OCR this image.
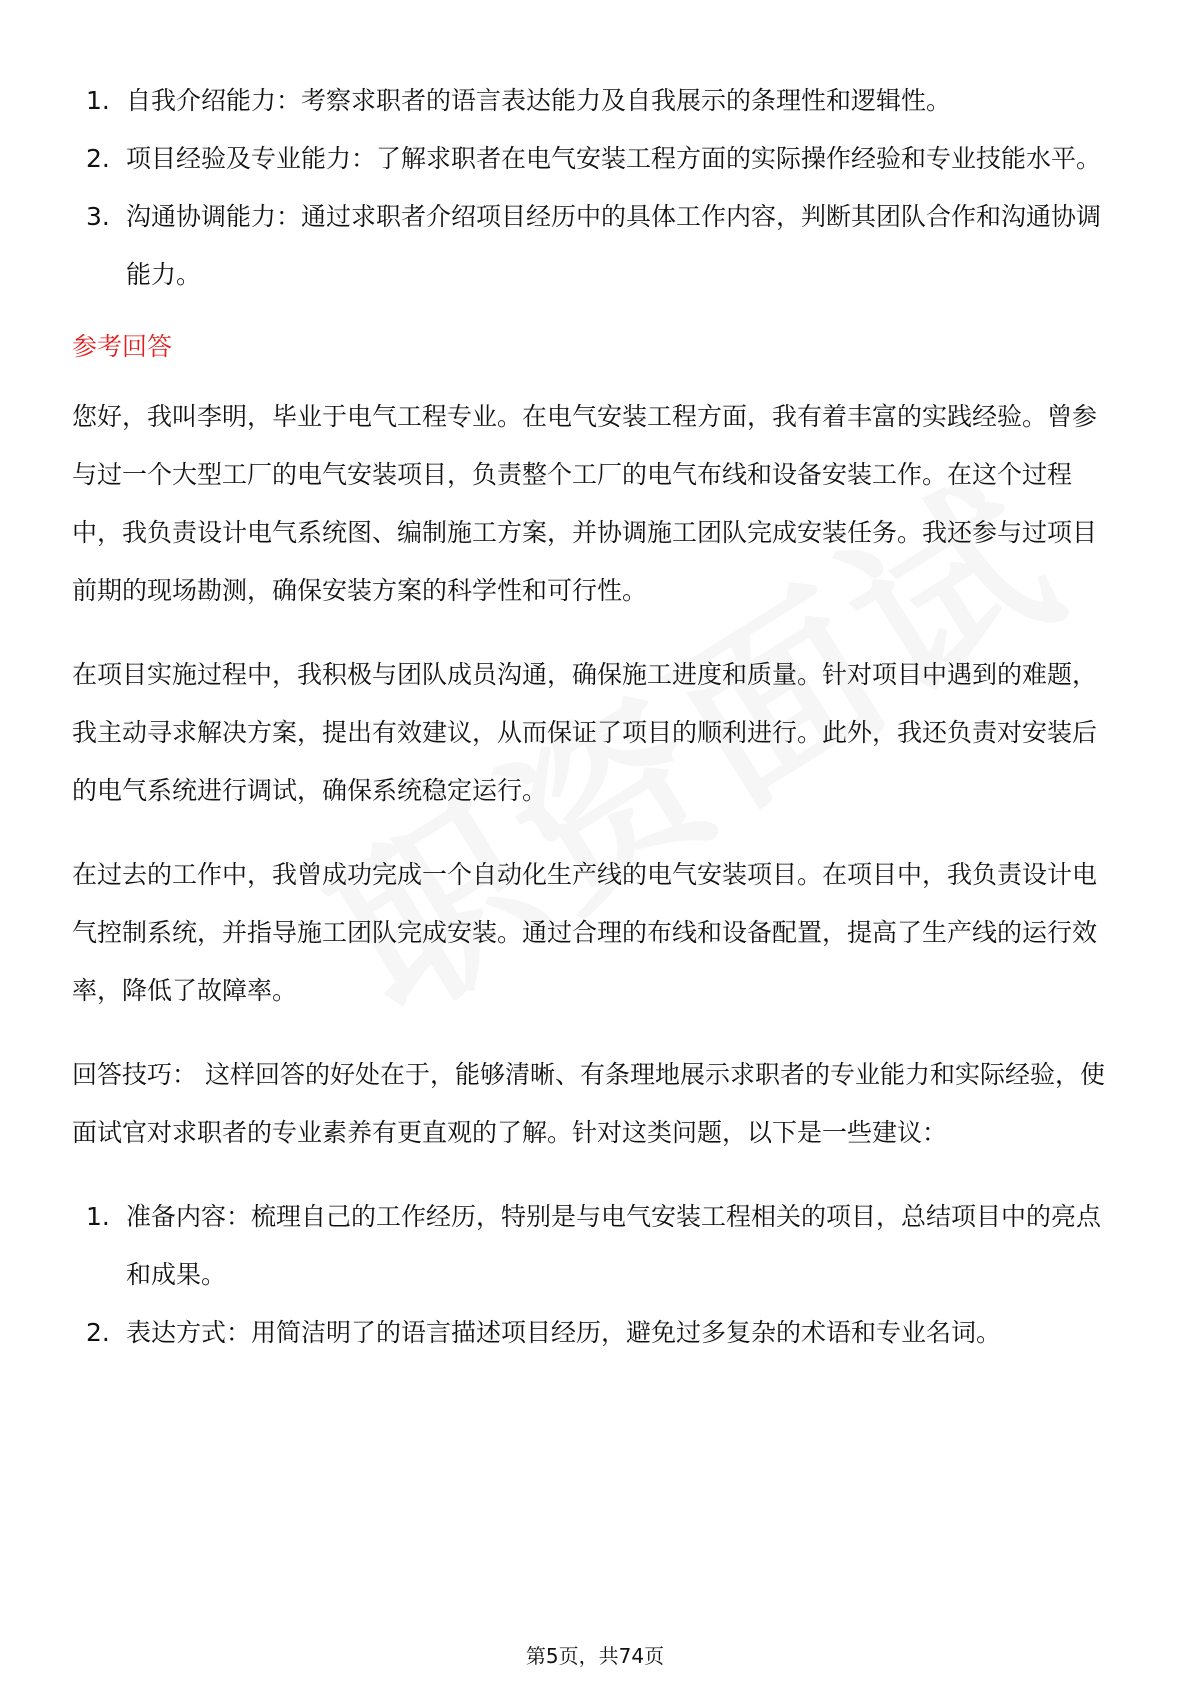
1. 自我介绍能力：考察求职者的语言表达能力及自我展示的条理性和逻辑性。
2. 项目经验及专业能力：了解求职者在电气安装工程方面的实际操作经验和专业技能水平。
3. 沟通协调能力：通过求职者介绍项目经历中的具体工作内容，判断其团队合作和沟通协调能力。
参考回答

您好，我叫李明，毕业于电气工程专业。在电气安装工程方面，我有着丰富的实践经验。曾参与过一个大型工厂的电气安装项目，负责整个工厂的电气布线和设备安装工作。在这个过程中，我负责设计电气系统图、编制施工方案，并协调施工团队完成安装任务。我还参与过项目前期的现场勘测，确保安装方案的科学性和可行性。

在项目实施过程中，我积极与团队成员沟通，确保施工进度和质量。针对项目中遇到的难题，我主动寻求解决方案，提出有效建议，从而保证了项目的顺利进行。此外，我还负责对安装后的电气系统进行调试，确保系统稳定运行。

在过去的工作中，我曾成功完成一个自动化生产线的电气安装项目。在项目中，我负责设计电气控制系统，并指导施工团队完成安装。通过合理的布线和设备配置，提高了生产线的运行效率，降低了故障率。

回答技巧： 这样回答的好处在于，能够清晰、有条理地展示求职者的专业能力和实际经验，使面试官对求职者的专业素养有更直观的了解。针对这类问题，以下是一些建议：

1. 准备内容：梳理自己的工作经历，特别是与电气安装工程相关的项目，总结项目中的亮点和成果。
2. 表达方式：用简洁明了的语言描述项目经历，避免过多复杂的术语和专业名词。
第5页，共74页
